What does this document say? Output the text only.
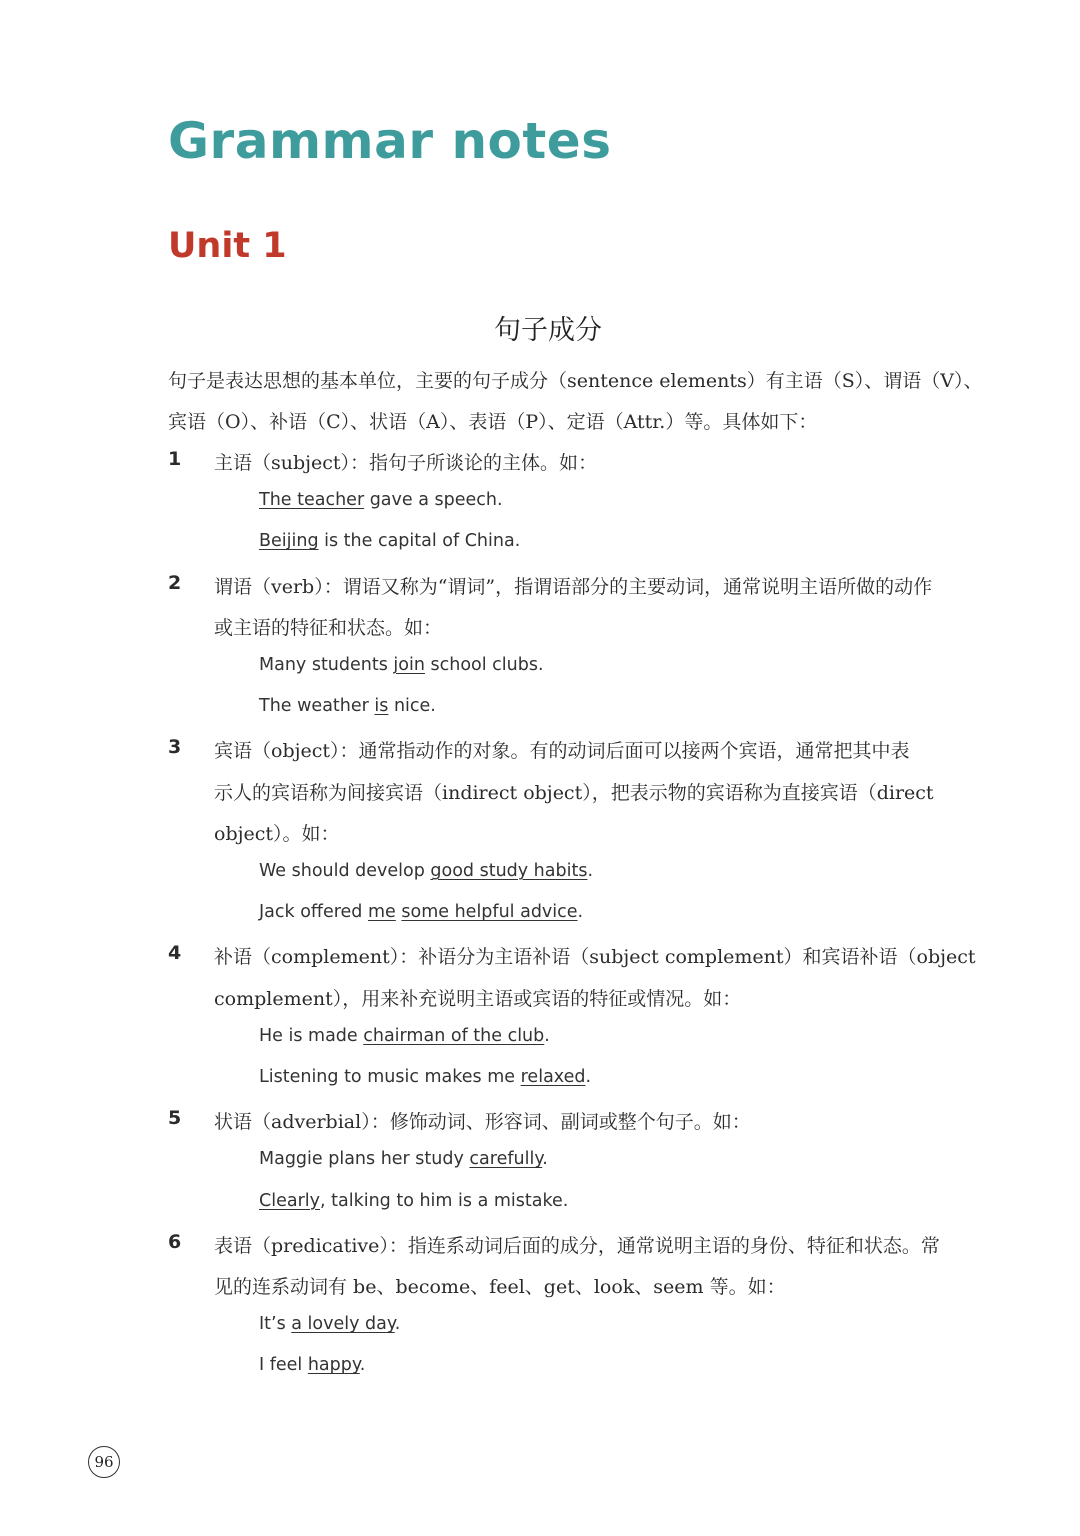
Grammar notes
Unit 1
句子成分
句子是表达思想的基本单位，主要的句子成分（sentence elements）有主语（S）、谓语（V）、
宾语（O）、补语（C）、状语（A）、表语（P）、定语（Attr.）等。具体如下：
1 主语（subject）：指句子所谈论的主体。如：
The teacher gave a speech.
Beijing is the capital of China.
2 谓语（verb）：谓语又称为“谓词”，指谓语部分的主要动词，通常说明主语所做的动作
或主语的特征和状态。如：
Many students join school clubs.
The weather is nice.
3 宾语（object）：通常指动作的对象。有的动词后面可以接两个宾语，通常把其中表
示人的宾语称为间接宾语（indirect object），把表示物的宾语称为直接宾语（direct
object）。如：
We should develop good study habits.
Jack offered me some helpful advice.
4 补语（complement）：补语分为主语补语（subject complement）和宾语补语（object
complement），用来补充说明主语或宾语的特征或情况。如：
He is made chairman of the club.
Listening to music makes me relaxed.
5 状语（adverbial）：修饰动词、形容词、副词或整个句子。如：
Maggie plans her study carefully.
Clearly, talking to him is a mistake.
6 表语（predicative）：指连系动词后面的成分，通常说明主语的身份、特征和状态。常
见的连系动词有 be、become、feel、get、look、seem 等。如：
It’s a lovely day.
I feel happy.
96
